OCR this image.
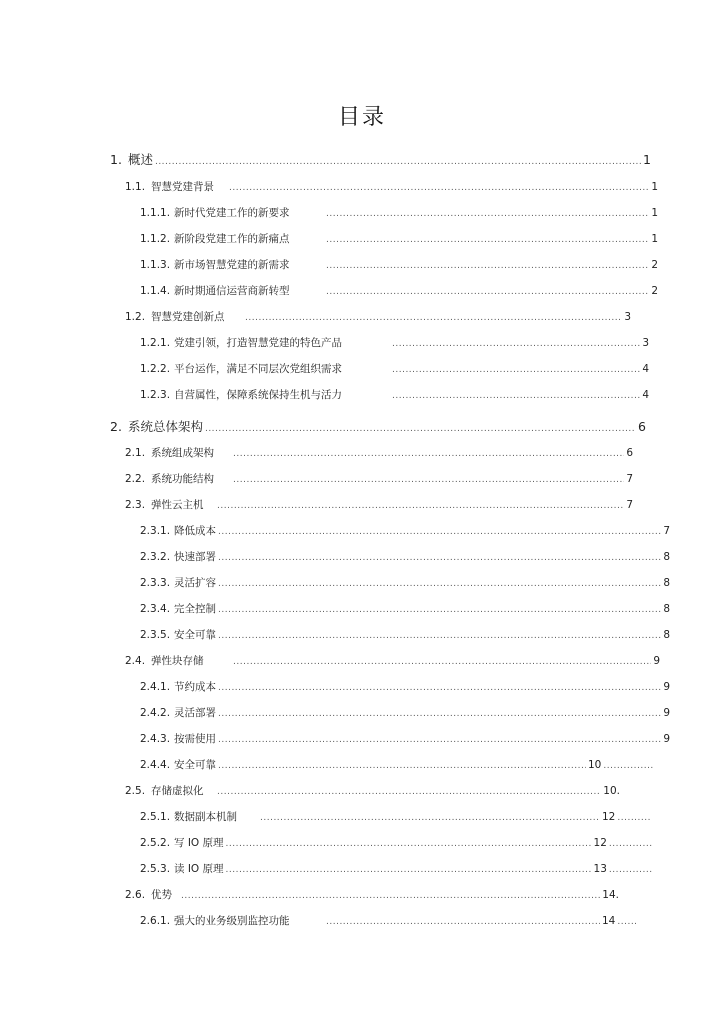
目录
1. 概述 .....	1
1.1. 智慧党建背景 .....	1
1.1.1. 新时代党建工作的新要求 .....	1
1.1.2. 新阶段党建工作的新痛点 .....	1
1.1.3. 新市场智慧党建的新需求 .....	2
1.1.4. 新时期通信运营商新转型 .....	2
1.2. 智慧党建创新点 .....	3
1.2.1. 党建引领，打造智慧党建的特色产品 .....	3
1.2.2. 平台运作，满足不同层次党组织需求 .....	4
1.2.3. 自营属性，保障系统保持生机与活力 .....	4
2. 系统总体架构 .....	6
2.1. 系统组成架构 .....	6
2.2. 系统功能结构 .....	7
2.3. 弹性云主机 .....	7
2.3.1. 降低成本 .....	7
2.3.2. 快速部署 .....	8
2.3.3. 灵活扩容 .....	8
2.3.4. 完全控制 .....	8
2.3.5. 安全可靠 .....	8
2.4. 弹性块存储 .....	9
2.4.1. 节约成本 .....	9
2.4.2. 灵活部署 .....	9
2.4.3. 按需使用 .....	9
2.4.4. 安全可靠 .....	10
.....
2.5. 存储虚拟化 .....	10.
2.5.1. 数据副本机制 .....	12
.....
2.5.2. 写 IO 原理 .....	12
.....
2.5.3. 读 IO 原理 .....	13
.....
2.6. 优势 .....	14.
2.6.1. 强大的业务级别监控功能 .....	14
.....
